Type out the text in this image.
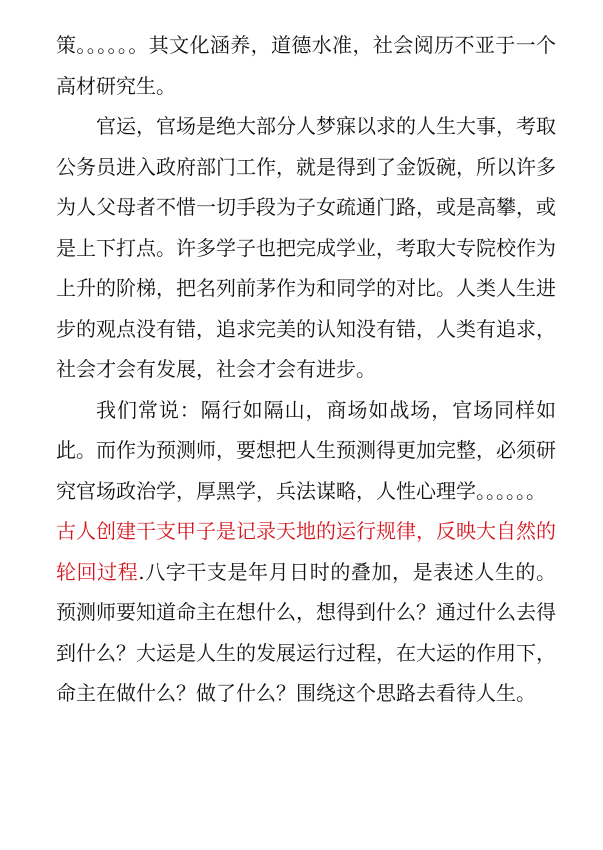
策。。。。。。其文化涵养，道德水准，社会阅历不亚于一个高材研究生。

官运，官场是绝大部分人梦寐以求的人生大事，考取公务员进入政府部门工作，就是得到了金饭碗，所以许多为人父母者不惜一切手段为子女疏通门路，或是高攀，或是上下打点。许多学子也把完成学业，考取大专院校作为上升的阶梯，把名列前茅作为和同学的对比。人类人生进步的观点没有错，追求完美的认知没有错，人类有追求，社会才会有发展，社会才会有进步。

我们常说：隔行如隔山，商场如战场，官场同样如此。而作为预测师，要想把人生预测得更加完整，必须研究官场政治学，厚黑学，兵法谋略，人性心理学。。。。。。

古人创建干支甲子是记录天地的运行规律，反映大自然的轮回过程.八字干支是年月日时的叠加，是表述人生的。预测师要知道命主在想什么，想得到什么？通过什么去得到什么？大运是人生的发展运行过程，在大运的作用下，命主在做什么？做了什么？围绕这个思路去看待人生。
